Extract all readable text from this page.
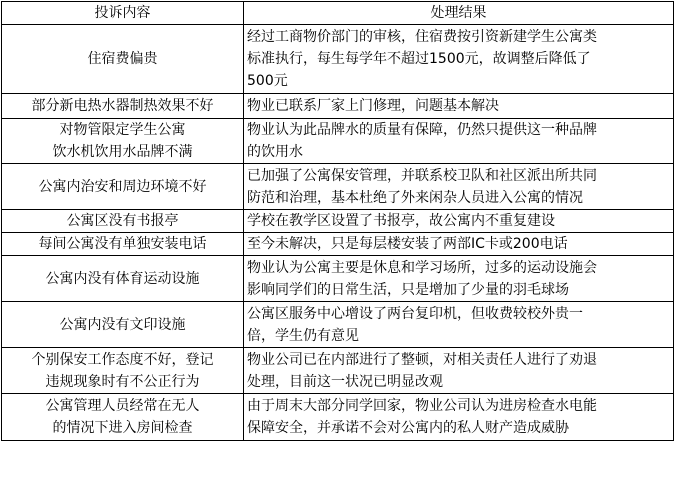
投诉内容	处理结果

住宿费偏贵	经过工商物价部门的审核，住宿费按引资新建学生公寓类
标准执行，每生每学年不超过1500元，故调整后降低了
500元

部分新电热水器制热效果不好	物业已联系厂家上门修理，问题基本解决

对物管限定学生公寓
饮水机饮用水品牌不满	物业认为此品牌水的质量有保障，仍然只提供这一种品牌
的饮用水

公寓内治安和周边环境不好	已加强了公寓保安管理，并联系校卫队和社区派出所共同
防范和治理，基本杜绝了外来闲杂人员进入公寓的情况

公寓区没有书报亭	学校在教学区设置了书报亭，故公寓内不重复建设

每间公寓没有单独安装电话	至今未解决，只是每层楼安装了两部IC卡或200电话

公寓内没有体育运动设施	物业认为公寓主要是休息和学习场所，过多的运动设施会
影响同学们的日常生活，只是增加了少量的羽毛球场

公寓内没有文印设施	公寓区服务中心增设了两台复印机，但收费较校外贵一
倍，学生仍有意见

个别保安工作态度不好，登记
违规现象时有不公正行为	物业公司已在内部进行了整顿，对相关责任人进行了劝退
处理，目前这一状况已明显改观

公寓管理人员经常在无人
的情况下进入房间检查	由于周末大部分同学回家，物业公司认为进房检查水电能
保障安全，并承诺不会对公寓内的私人财产造成威胁
